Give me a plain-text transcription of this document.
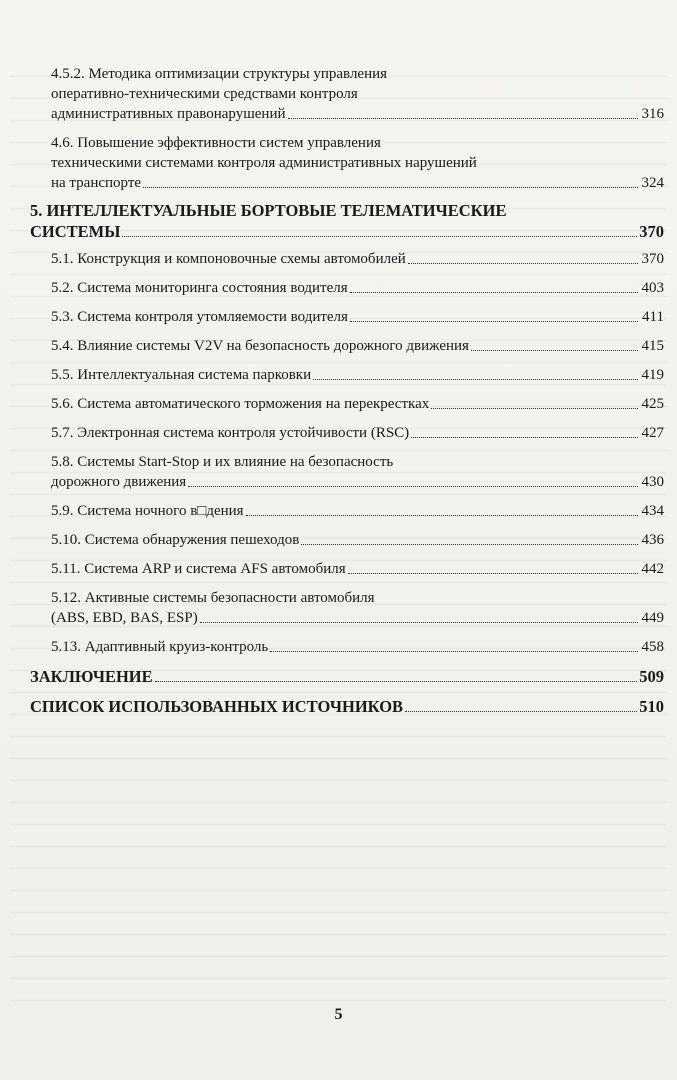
4.5.2. Методика оптимизации структуры управления
оперативно-техническими средствами контроля
административных правонарушений	316
4.6. Повышение эффективности систем управления
техническими системами контроля административных нарушений
на транспорте	324
5. ИНТЕЛЛЕКТУАЛЬНЫЕ БОРТОВЫЕ ТЕЛЕМАТИЧЕСКИЕ
СИСТЕМЫ	370
5.1. Конструкция и компоновочные схемы автомобилей	370
5.2. Система мониторинга состояния водителя	403
5.3. Система контроля утомляемости водителя	411
5.4. Влияние системы V2V на безопасность дорожного движения	415
5.5. Интеллектуальная система парковки	419
5.6. Система автоматического торможения на перекрестках	425
5.7. Электронная система контроля устойчивости (RSC)	427
5.8. Системы Start-Stop и их влияние на безопасность
дорожного движения	430
5.9. Система ночного в□дения	434
5.10. Система обнаружения пешеходов	436
5.11. Система ARP и система AFS автомобиля	442
5.12. Активные системы безопасности автомобиля
(ABS, EBD, BAS, ESP)	449
5.13. Адаптивный круиз-контроль	458
ЗАКЛЮЧЕНИЕ	509
СПИСОК ИСПОЛЬЗОВАННЫХ ИСТОЧНИКОВ	510
5
